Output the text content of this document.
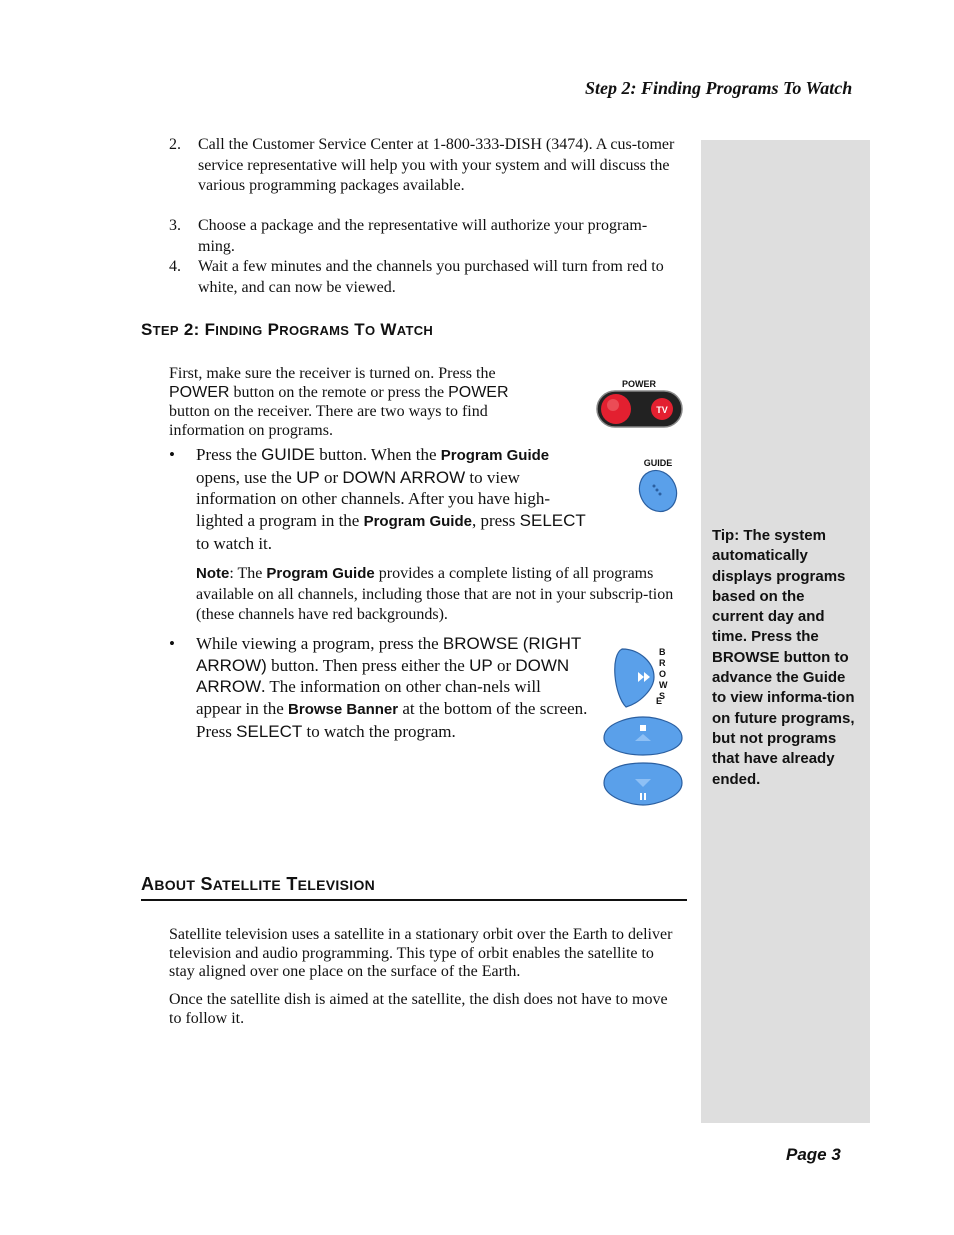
Step 2: Finding Programs To Watch
Tip: The system automatically displays programs based on the current day and time. Press the BROWSE button to advance the Guide to view informa-tion on future programs, but not programs that have already ended.
2. Call the Customer Service Center at 1-800-333-DISH (3474). A cus-tomer service representative will help you with your system and will discuss the various programming packages available.
3. Choose a package and the representative will authorize your program-ming.
4. Wait a few minutes and the channels you purchased will turn from red to white, and can now be viewed.
STEP 2: FINDING PROGRAMS TO WATCH
First, make sure the receiver is turned on. Press the
POWER button on the remote or press the POWER button on the receiver. There are two ways to find information on programs.
POWER
TV
• Press the GUIDE button. When the Program Guide opens, use the UP or DOWN ARROW to view information on other channels. After you have high-lighted a program in the Program Guide, press SELECT to watch it.
GUIDE
Note: The Program Guide provides a complete listing of all programs available on all channels, including those that are not in your subscrip-tion (these channels have red backgrounds).
• While viewing a program, press the BROWSE (RIGHT ARROW) button. Then press either the UP or DOWN ARROW. The information on other chan-nels will appear in the Browse Banner at the bottom of the screen. Press SELECT to watch the program.
B
R
O
W
S
E
ABOUT SATELLITE TELEVISION
Satellite television uses a satellite in a stationary orbit over the Earth to deliver television and audio programming. This type of orbit enables the satellite to stay aligned over one place on the surface of the Earth.
Once the satellite dish is aimed at the satellite, the dish does not have to move to follow it.
Page 3
